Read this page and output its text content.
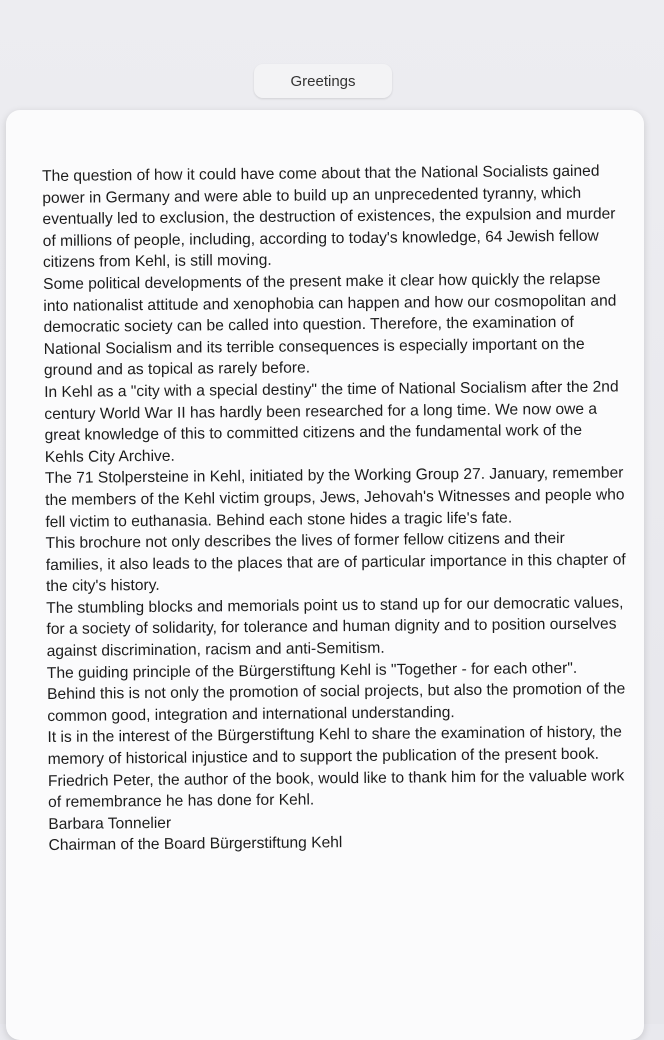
Greetings

The question of how it could have come about that the National Socialists gained power in Germany and were able to build up an unprecedented tyranny, which eventually led to exclusion, the destruction of existences, the expulsion and murder of millions of people, including, according to today's knowledge, 64 Jewish fellow citizens from Kehl, is still moving.

Some political developments of the present make it clear how quickly the relapse into nationalist attitude and xenophobia can happen and how our cosmopolitan and democratic society can be called into question. Therefore, the examination of National Socialism and its terrible consequences is especially important on the ground and as topical as rarely before.

In Kehl as a "city with a special destiny" the time of National Socialism after the 2nd century World War II has hardly been researched for a long time. We now owe a great knowledge of this to committed citizens and the fundamental work of the Kehls City Archive.

The 71 Stolpersteine in Kehl, initiated by the Working Group 27. January, remember the members of the Kehl victim groups, Jews, Jehovah's Witnesses and people who fell victim to euthanasia. Behind each stone hides a tragic life's fate.

This brochure not only describes the lives of former fellow citizens and their families, it also leads to the places that are of particular importance in this chapter of the city's history.

The stumbling blocks and memorials point us to stand up for our democratic values, for a society of solidarity, for tolerance and human dignity and to position ourselves against discrimination, racism and anti-Semitism.

The guiding principle of the Bürgerstiftung Kehl is "Together - for each other". Behind this is not only the promotion of social projects, but also the promotion of the common good, integration and international understanding.

It is in the interest of the Bürgerstiftung Kehl to share the examination of history, the memory of historical injustice and to support the publication of the present book.

Friedrich Peter, the author of the book, would like to thank him for the valuable work of remembrance he has done for Kehl.

Barbara Tonnelier

Chairman of the Board Bürgerstiftung Kehl
